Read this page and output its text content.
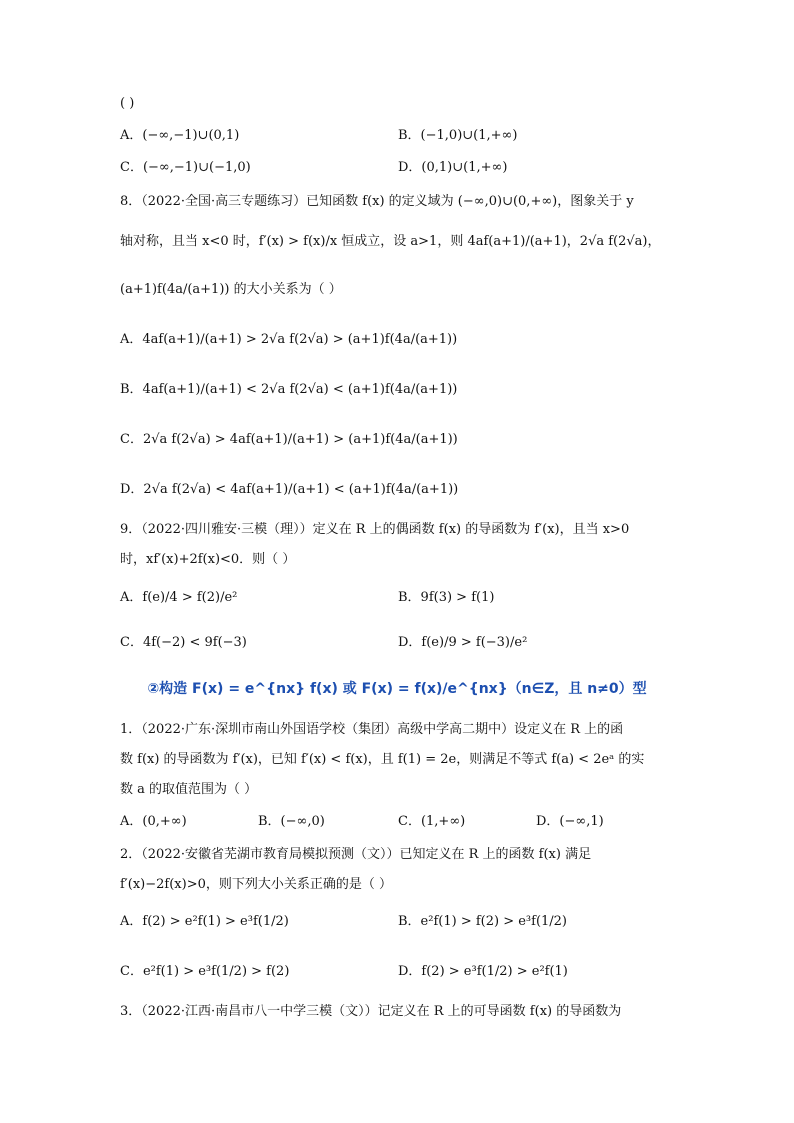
②构造 F(x) = e^{nx} f(x) 或 F(x) = f(x)/e^{nx}（n∈Z，且 n≠0）型
( )
A．(−∞,−1)∪(0,1)	B．(−1,0)∪(1,+∞)
C．(−∞,−1)∪(−1,0)	D．(0,1)∪(1,+∞)
8．（2022·全国·高三专题练习）已知函数 f(x) 的定义域为 (−∞,0)∪(0,+∞)，图象关于 y
轴对称，且当 x<0 时，f′(x) > f(x)/x 恒成立，设 a>1，则 4af(a+1)/(a+1)，2√a f(2√a)，
(a+1)f(4a/(a+1)) 的大小关系为（ ）
A．4af(a+1)/(a+1) > 2√a f(2√a) > (a+1)f(4a/(a+1))
B．4af(a+1)/(a+1) < 2√a f(2√a) < (a+1)f(4a/(a+1))
C．2√a f(2√a) > 4af(a+1)/(a+1) > (a+1)f(4a/(a+1))
D．2√a f(2√a) < 4af(a+1)/(a+1) < (a+1)f(4a/(a+1))
9．（2022·四川雅安·三模（理））定义在 R 上的偶函数 f(x) 的导函数为 f′(x)，且当 x>0
时，xf′(x)+2f(x)<0．则（ ）
A．f(e)/4 > f(2)/e²	B．9f(3) > f(1)
C．4f(−2) < 9f(−3)	D．f(e)/9 > f(−3)/e²
1．（2022·广东·深圳市南山外国语学校（集团）高级中学高二期中）设定义在 R 上的函
数 f(x) 的导函数为 f′(x)，已知 f′(x) < f(x)，且 f(1) = 2e，则满足不等式 f(a) < 2eᵃ 的实
数 a 的取值范围为（ ）
A．(0,+∞)	B．(−∞,0)	C．(1,+∞)	D．(−∞,1)
2．（2022·安徽省芜湖市教育局模拟预测（文））已知定义在 R 上的函数 f(x) 满足
f′(x)−2f(x)>0，则下列大小关系正确的是（ ）
A．f(2) > e²f(1) > e³f(1/2)	B．e²f(1) > f(2) > e³f(1/2)
C．e²f(1) > e³f(1/2) > f(2)	D．f(2) > e³f(1/2) > e²f(1)
3．（2022·江西·南昌市八一中学三模（文））记定义在 R 上的可导函数 f(x) 的导函数为
